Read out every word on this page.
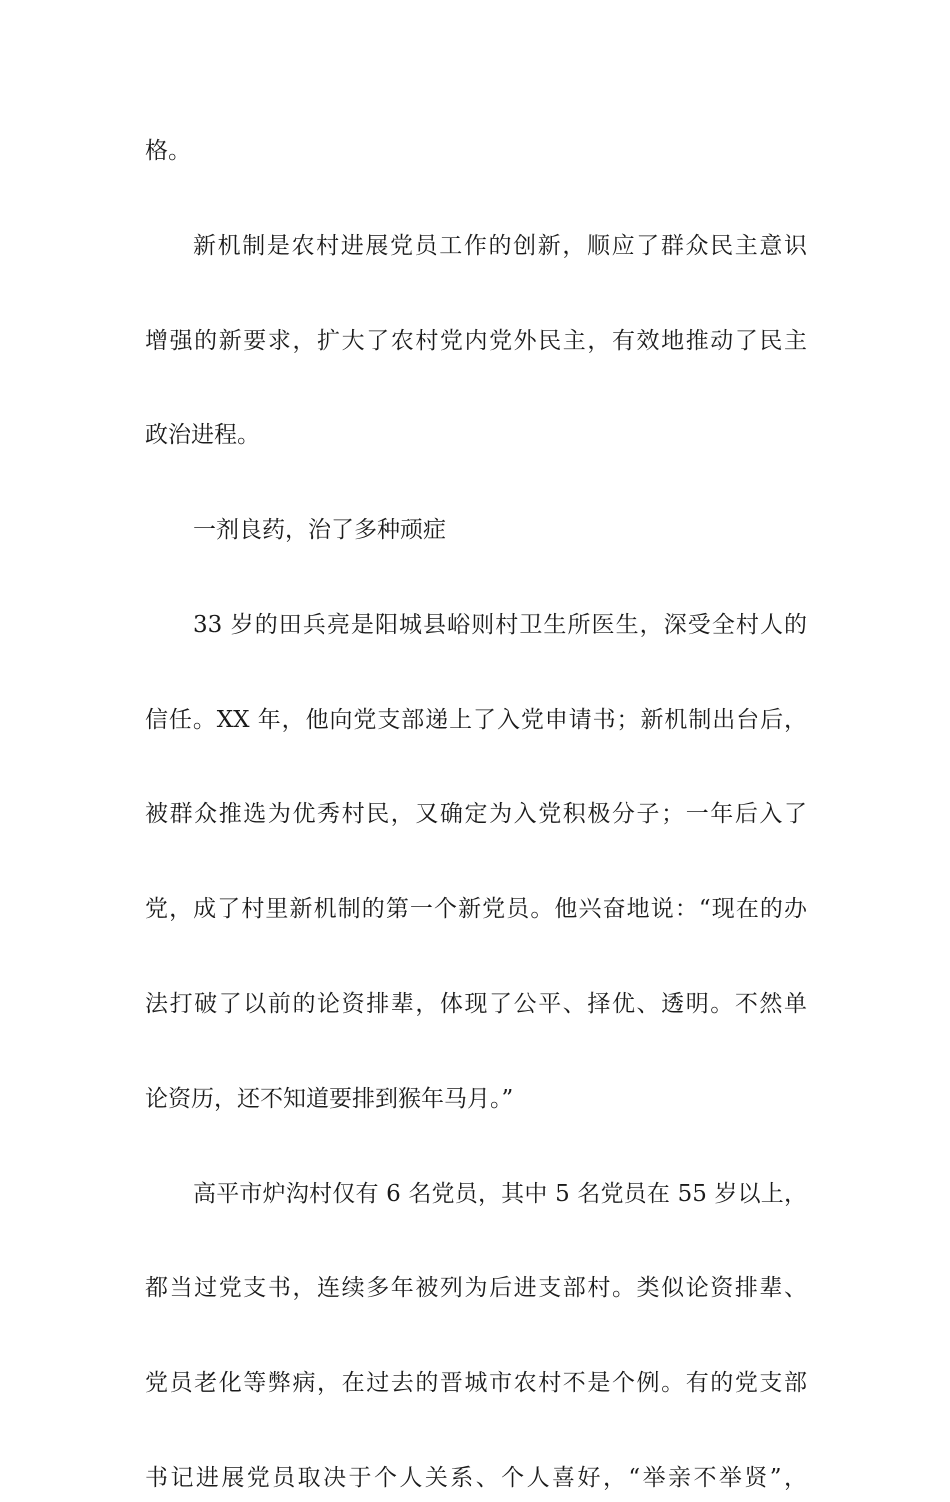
格。
新机制是农村进展党员工作的创新，顺应了群众民主意识
增强的新要求，扩大了农村党内党外民主，有效地推动了民主
政治进程。
一剂良药，治了多种顽症
33 岁的田兵亮是阳城县峪则村卫生所医生，深受全村人的
信任。XX 年，他向党支部递上了入党申请书；新机制出台后，
被群众推选为优秀村民，又确定为入党积极分子；一年后入了
党，成了村里新机制的第一个新党员。他兴奋地说：“现在的办
法打破了以前的论资排辈，体现了公平、择优、透明。不然单
论资历，还不知道要排到猴年马月。”
高平市炉沟村仅有 6 名党员，其中 5 名党员在 55 岁以上，
都当过党支书，连续多年被列为后进支部村。类似论资排辈、
党员老化等弊病，在过去的晋城市农村不是个例。有的党支部
书记进展党员取决于个人关系、个人喜好，“举亲不举贤”，
